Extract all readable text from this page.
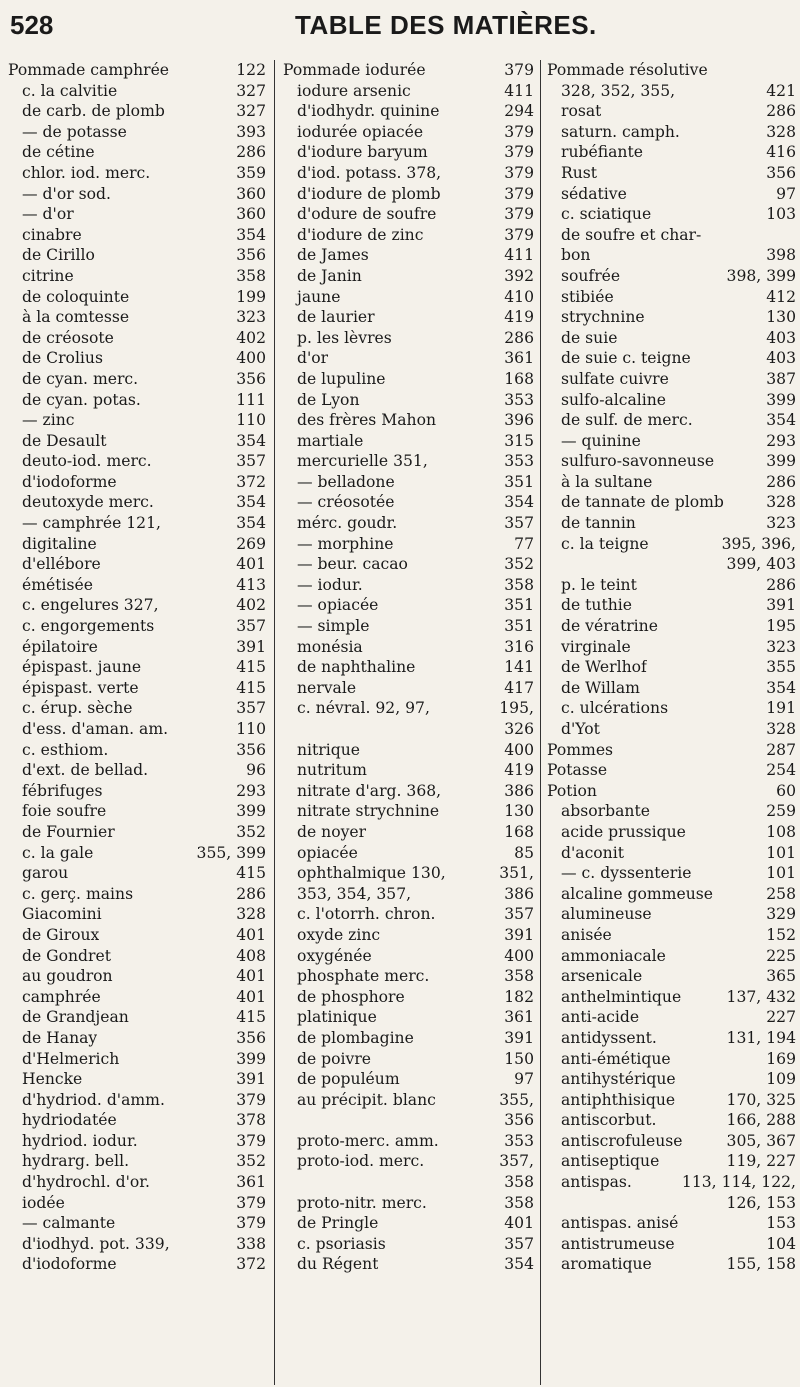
528	TABLE DES MATIÈRES.
Pommade camphrée	122
c. la calvitie	327
de carb. de plomb	327
— de potasse	393
de cétine	286
chlor. iod. merc.	359
— d'or sod.	360
— d'or	360
cinabre	354
de Cirillo	356
citrine	358
de coloquinte	199
à la comtesse	323
de créosote	402
de Crolius	400
de cyan. merc.	356
de cyan. potas.	111
— zinc	110
de Desault	354
deuto-iod. merc.	357
d'iodoforme	372
deutoxyde merc.	354
— camphrée 121,	354
digitaline	269
d'ellébore	401
émétisée	413
c. engelures 327,	402
c. engorgements	357
épilatoire	391
épispast. jaune	415
épispast. verte	415
c. érup. sèche	357
d'ess. d'aman. am.	110
c. esthiom.	356
d'ext. de bellad.	96
fébrifuges	293
foie soufre	399
de Fournier	352
c. la gale	355, 399
garou	415
c. gerç. mains	286
Giacomini	328
de Giroux	401
de Gondret	408
au goudron	401
camphrée	401
de Grandjean	415
de Hanay	356
d'Helmerich	399
Hencke	391
d'hydriod. d'amm.	379
hydriodatée	378
hydriod. iodur.	379
hydrarg. bell.	352
d'hydrochl. d'or.	361
iodée	379
— calmante	379
d'iodhyd. pot. 339,	338
d'iodoforme	372
Pommade iodurée	379
iodure arsenic	411
d'iodhydr. quinine	294
iodurée opiacée	379
d'iodure baryum	379
d'iod. potass. 378,	379
d'iodure de plomb	379
d'odure de soufre	379
d'iodure de zinc	379
de James	411
de Janin	392
jaune	410
de laurier	419
p. les lèvres	286
d'or	361
de lupuline	168
de Lyon	353
des frères Mahon	396
martiale	315
mercurielle 351,	353
— belladone	351
— créosotée	354
mérc. goudr.	357
— morphine	77
— beur. cacao	352
— iodur.	358
— opiacée	351
— simple	351
monésia	316
de naphthaline	141
nervale	417
c. névral. 92, 97,	195,
326
nitrique	400
nutritum	419
nitrate d'arg. 368,	386
nitrate strychnine	130
de noyer	168
opiacée	85
ophthalmique 130,	351,
353, 354, 357,	386
c. l'otorrh. chron.	357
oxyde zinc	391
oxygénée	400
phosphate merc.	358
de phosphore	182
platinique	361
de plombagine	391
de poivre	150
de populéum	97
au précipit. blanc	355,
356
proto-merc. amm.	353
proto-iod. merc.	357,
358
proto-nitr. merc.	358
de Pringle	401
c. psoriasis	357
du Régent	354
Pommade résolutive
328, 352, 355,	421
rosat	286
saturn. camph.	328
rubéfiante	416
Rust	356
sédative	97
c. sciatique	103
de soufre et char-
bon	398
soufrée	398, 399
stibiée	412
strychnine	130
de suie	403
de suie c. teigne	403
sulfate cuivre	387
sulfo-alcaline	399
de sulf. de merc.	354
— quinine	293
sulfuro-savonneuse	399
à la sultane	286
de tannate de plomb	328
de tannin	323
c. la teigne	395, 396,
399, 403
p. le teint	286
de tuthie	391
de vératrine	195
virginale	323
de Werlhof	355
de Willam	354
c. ulcérations	191
d'Yot	328
Pommes	287
Potasse	254
Potion	60
absorbante	259
acide prussique	108
d'aconit	101
— c. dyssenterie	101
alcaline gommeuse	258
alumineuse	329
anisée	152
ammoniacale	225
arsenicale	365
anthelmintique	137, 432
anti-acide	227
antidyssent.	131, 194
anti-émétique	169
antihystérique	109
antiphthisique	170, 325
antiscorbut.	166, 288
antiscrofuleuse	305, 367
antiseptique	119, 227
antispas.	113, 114, 122,
126, 153
antispas. anisé	153
antistrumeuse	104
aromatique	155, 158
